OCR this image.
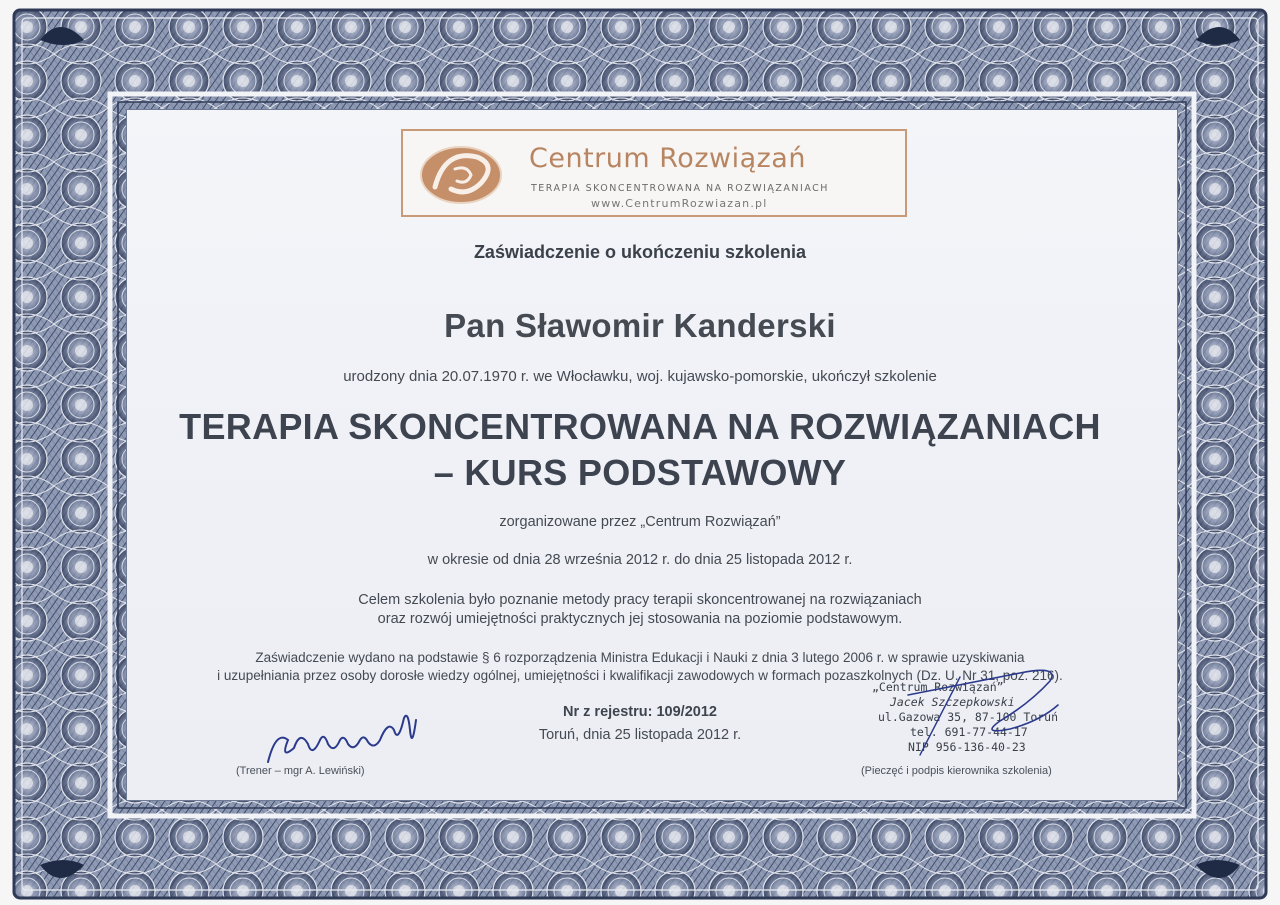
Centrum Rozwiązań
TERAPIA SKONCENTROWANA NA ROZWIĄZANIACH
www.CentrumRozwiazan.pl
Zaświadczenie o ukończeniu szkolenia
Pan Sławomir Kanderski
urodzony dnia 20.07.1970 r. we Włocławku, woj. kujawsko-pomorskie, ukończył szkolenie
TERAPIA SKONCENTROWANA NA ROZWIĄZANIACH
– KURS PODSTAWOWY
zorganizowane przez „Centrum Rozwiązań”
w okresie od dnia 28 września 2012 r. do dnia 25 listopada 2012 r.
Celem szkolenia było poznanie metody pracy terapii skoncentrowanej na rozwiązaniach
oraz rozwój umiejętności praktycznych jej stosowania na poziomie podstawowym.
Zaświadczenie wydano na podstawie § 6 rozporządzenia Ministra Edukacji i Nauki z dnia 3 lutego 2006 r. w sprawie uzyskiwania
i uzupełniania przez osoby dorosłe wiedzy ogólnej, umiejętności i kwalifikacji zawodowych w formach pozaszkolnych (Dz. U. Nr 31, poz. 216).
Nr z rejestru: 109/2012
Toruń, dnia 25 listopada 2012 r.
(Trener – mgr A. Lewiński)
„Centrum Rozwiązań”
Jacek Szczepkowski
ul.Gazowa 35, 87-100 Toruń
tel. 691-77-44-17
NIP 956-136-40-23
(Pieczęć i podpis kierownika szkolenia)
